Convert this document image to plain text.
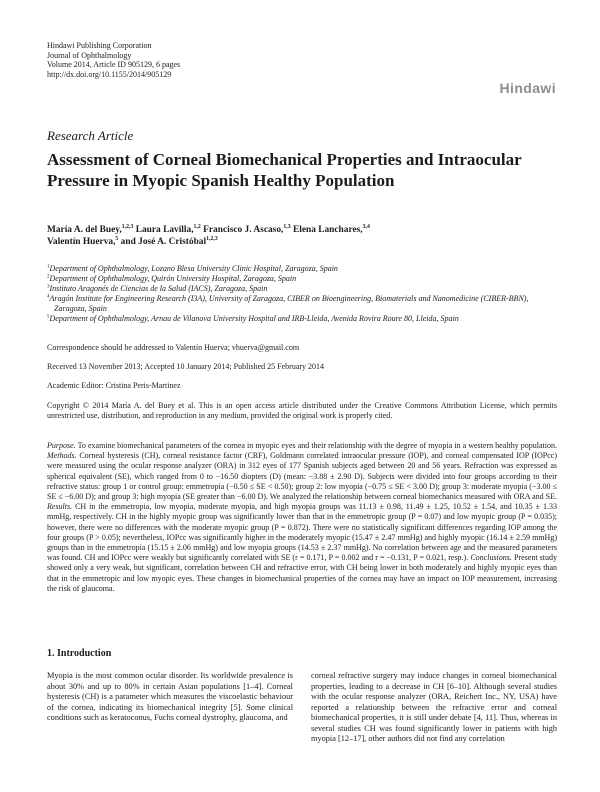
Hindawi Publishing Corporation
Journal of Ophthalmology
Volume 2014, Article ID 905129, 6 pages
http://dx.doi.org/10.1155/2014/905129
Hindawi
Research Article
Assessment of Corneal Biomechanical Properties and Intraocular Pressure in Myopic Spanish Healthy Population
María A. del Buey,$^{1,2,3}$ Laura Lavilla,$^{1,2}$ Francisco J. Ascaso,$^{1,3}$ Elena Lanchares,$^{3,4}$
Valentín Huerva,$^5$ and José A. Cristóbal$^{1,2,3}$
$^1$Department of Ophthalmology, Lozano Blesa University Clinic Hospital, Zaragoza, Spain
$^2$Department of Ophthalmology, Quirón University Hospital, Zaragoza, Spain
$^3$Instituto Aragonés de Ciencias de la Salud (IACS), Zaragoza, Spain
$^4$Aragón Institute for Engineering Research (I3A), University of Zaragoza, CIBER on Bioengineering, Biomaterials and Nanomedicine (CIBER-BBN), Zaragoza, Spain
$^5$Department of Ophthalmology, Arnau de Vilanova University Hospital and IRB-Lleida, Avenida Rovira Roure 80, Lleida, Spain
Correspondence should be addressed to Valentín Huerva; vhuerva@gmail.com
Received 13 November 2013; Accepted 10 January 2014; Published 25 February 2014
Academic Editor: Cristina Peris-Martinez
Copyright © 2014 María A. del Buey et al. This is an open access article distributed under the Creative Commons Attribution License, which permits unrestricted use, distribution, and reproduction in any medium, provided the original work is properly cited.
Purpose. To examine biomechanical parameters of the cornea in myopic eyes and their relationship with the degree of myopia in a western healthy population. Methods. Corneal hysteresis (CH), corneal resistance factor (CRF), Goldmann correlated intraocular pressure (IOP), and corneal compensated IOP (IOPcc) were measured using the ocular response analyzer (ORA) in 312 eyes of 177 Spanish subjects aged between 20 and 56 years. Refraction was expressed as spherical equivalent (SE), which ranged from 0 to −16.50 diopters (D) (mean: −3.88 ± 2.90 D). Subjects were divided into four groups according to their refractive status: group 1 or control group: emmetropia (−0.50 ≤ SE < 0.50); group 2: low myopia (−0.75 ≤ SE < 3.00 D); group 3: moderate myopia (−3.00 ≤ SE ≤ −6.00 D); and group 3: high myopia (SE greater than −6.00 D). We analyzed the relationship between corneal biomechanics measured with ORA and SE. Results. CH in the emmetropia, low myopia, moderate myopia, and high myopia groups was 11.13 ± 0.98, 11.49 ± 1.25, 10.52 ± 1.54, and 10.35 ± 1.33 mmHg, respectively. CH in the highly myopic group was significantly lower than that in the emmetropic group (P = 0.07) and low myopic group (P = 0.035); however, there were no differences with the moderate myopic group (P = 0.872). There were no statistically significant differences regarding IOP among the four groups (P > 0.05); nevertheless, IOPcc was significantly higher in the moderately myopic (15.47 ± 2.47 mmHg) and highly myopic (16.14 ± 2.59 mmHg) groups than in the emmetropia (15.15 ± 2.06 mmHg) and low myopia groups (14.53 ± 2.37 mmHg). No correlation between age and the measured parameters was found. CH and IOPcc were weakly but significantly correlated with SE (r = 0.171, P = 0.002 and r = −0.131, P = 0.021, resp.). Conclusions. Present study showed only a very weak, but significant, correlation between CH and refractive error, with CH being lower in both moderately and highly myopic eyes than that in the emmetropic and low myopic eyes. These changes in biomechanical properties of the cornea may have an impact on IOP measurement, increasing the risk of glaucoma.
1. Introduction
Myopia is the most common ocular disorder. Its worldwide prevalence is about 30% and up to 80% in certain Asian populations [1–4]. Corneal hysteresis (CH) is a parameter which measures the viscoelastic behaviour of the cornea, indicating its biomechanical integrity [5]. Some clinical conditions such as keratoconus, Fuchs corneal dystrophy, glaucoma, and
corneal refractive surgery may induce changes in corneal biomechanical properties, leading to a decrease in CH [6–10]. Although several studies with the ocular response analyzer (ORA, Reichert Inc., NY, USA) have reported a relationship between the refractive error and corneal biomechanical properties, it is still under debate [4, 11]. Thus, whereas in several studies CH was found significantly lower in patients with high myopia [12–17], other authors did not find any correlation
